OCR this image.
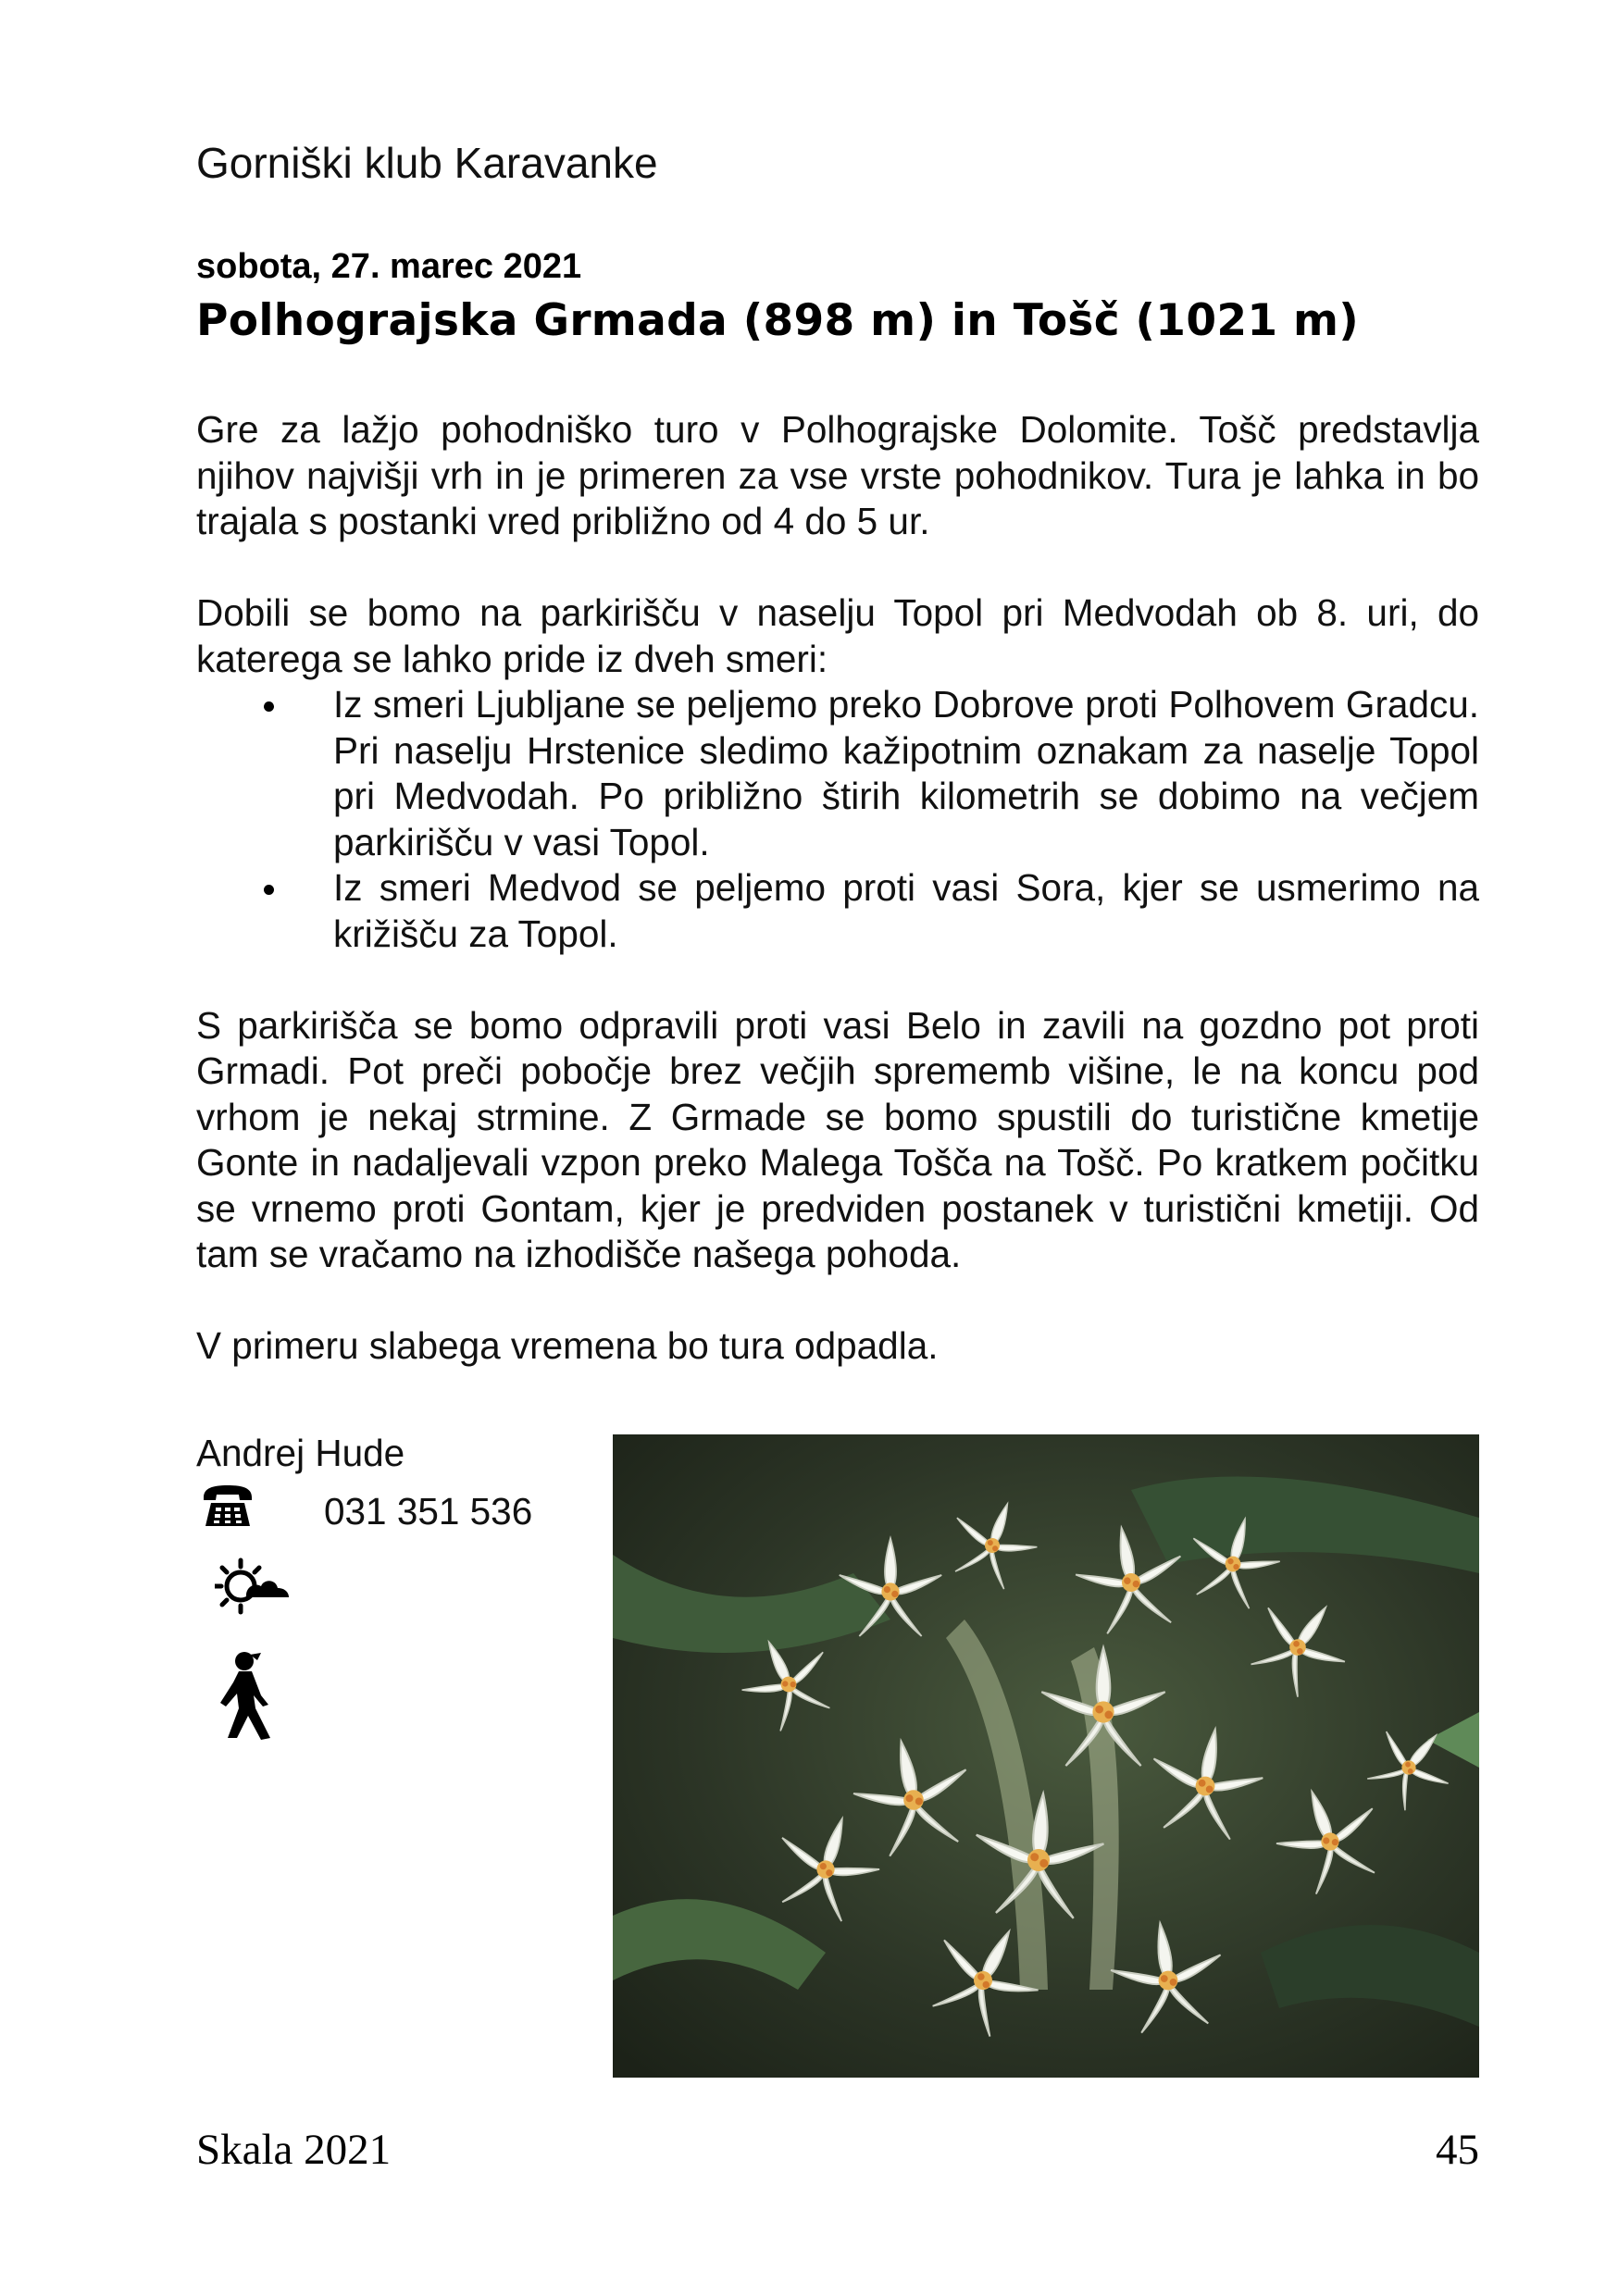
Gorniški klub Karavanke
sobota, 27. marec 2021
Polhograjska Grmada (898 m) in Tošč (1021 m)

Gre za lažjo pohodniško turo v Polhograjske Dolomite. Tošč predstavlja njihov najvišji vrh in je primeren za vse vrste pohodnikov. Tura je lahka in bo trajala s postanki vred približno od 4 do 5 ur.

Dobili se bomo na parkirišču v naselju Topol pri Medvodah ob 8. uri, do katerega se lahko pride iz dveh smeri:

Iz smeri Ljubljane se peljemo preko Dobrove proti Polhovem Gradcu. Pri naselju Hrstenice sledimo kažipotnim oznakam za naselje Topol pri Medvodah. Po približno štirih kilometrih se dobimo na večjem parkirišču v vasi Topol.
Iz smeri Medvod se peljemo proti vasi Sora, kjer se usmerimo na križišču za Topol.

S parkirišča se bomo odpravili proti vasi Belo in zavili na gozdno pot proti Grmadi. Pot preči pobočje brez večjih sprememb višine, le na koncu pod vrhom je nekaj strmine. Z Grmade se bomo spustili do turistične kmetije Gonte in nadaljevali vzpon preko Malega Tošča na Tošč. Po kratkem počitku se vrnemo proti Gontam, kjer je predviden postanek v turistični kmetiji. Od tam se vračamo na izhodišče našega pohoda.

V primeru slabega vremena bo tura odpadla.

Andrej Hude
031 351 536
Skala 2021	45
